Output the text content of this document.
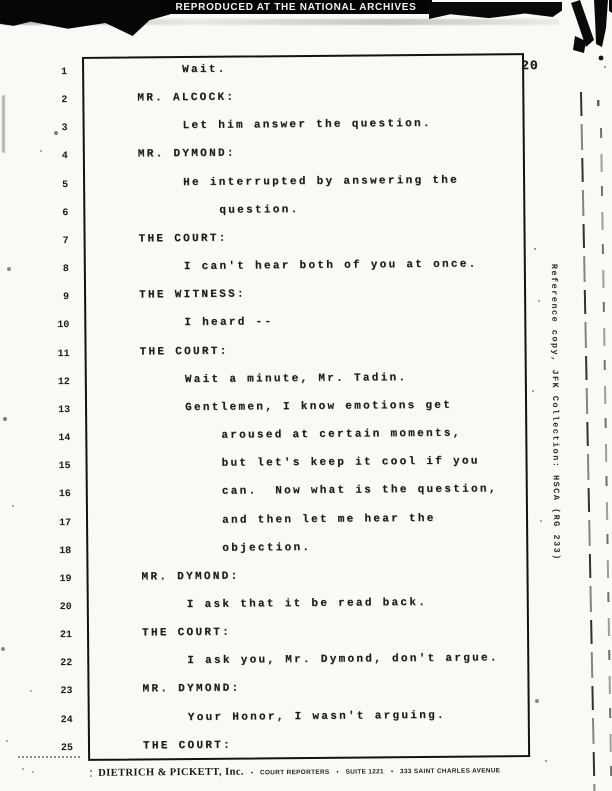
REPRODUCED AT THE NATIONAL ARCHIVES
20
1	Wait.
2	MR. ALCOCK:
3	Let him answer the question.
4	MR. DYMOND:
5	He interrupted by answering the
6	question.
7	THE COURT:
8	I can't hear both of you at once.
9	THE WITNESS:
10	I heard --
11	THE COURT:
12	Wait a minute, Mr. Tadin.
13	Gentlemen, I know emotions get
14	aroused at certain moments,
15	but let's keep it cool if you
16	can.  Now what is the question,
17	and then let me hear the
18	objection.
19	MR. DYMOND:
20	I ask that it be read back.
21	THE COURT:
22	I ask you, Mr. Dymond, don't argue.
23	MR. DYMOND:
24	Your Honor, I wasn't arguing.
25	THE COURT:
Reference copy, JFK Collection: HSCA (RG 233)
DIETRICH & PICKETT, Inc. • COURT REPORTERS • SUITE 1221 • 333 SAINT CHARLES AVENUE
